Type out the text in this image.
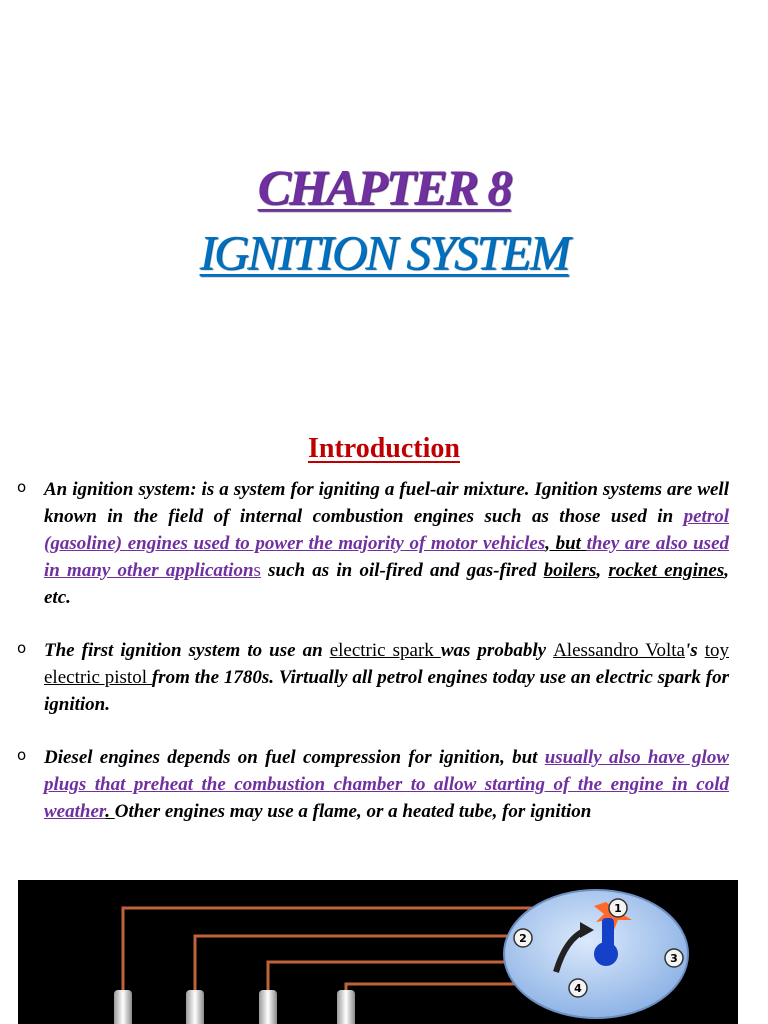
CHAPTER 8
IGNITION SYSTEM
Introduction
o An ignition system: is a system for igniting a fuel-air mixture. Ignition systems are well known in the field of internal combustion engines such as those used in petrol (gasoline) engines used to power the majority of motor vehicles, but they are also used in many other applications such as in oil-fired and gas-fired boilers, rocket engines, etc.
o The first ignition system to use an electric spark was probably Alessandro Volta's toy electric pistol from the 1780s. Virtually all petrol engines today use an electric spark for ignition.
o Diesel engines depends on fuel compression for ignition, but usually also have glow plugs that preheat the combustion chamber to allow starting of the engine in cold weather. Other engines may use a flame, or a heated tube, for ignition
1
2
3
4
